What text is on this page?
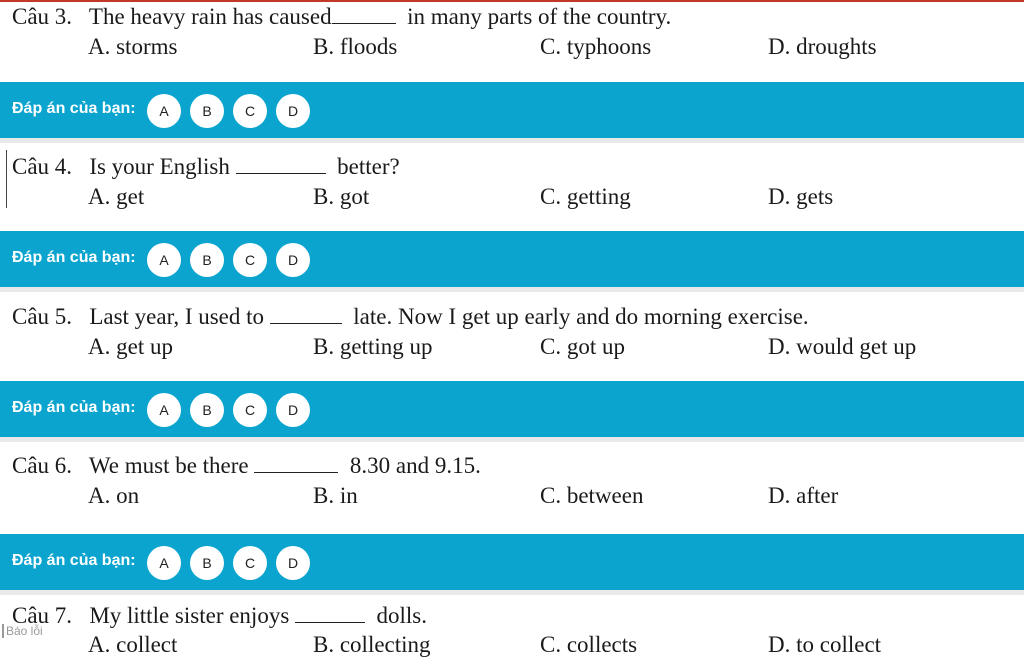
Câu 3. The heavy rain has caused	in many parts of the country.
A. storms	B. floods	C. typhoons	D. droughts
Đáp án của bạn:	A	B	C	D
Câu 4. Is your English	better?
A. get	B. got	C. getting	D. gets
Đáp án của bạn:	A	B	C	D
Câu 5. Last year, I used to	late. Now I get up early and do morning exercise.
A. get up	B. getting up	C. got up	D. would get up
Đáp án của bạn:	A	B	C	D
Câu 6. We must be there	8.30 and 9.15.
A. on	B. in	C. between	D. after
Đáp án của bạn:	A	B	C	D
Câu 7. My little sister enjoys	dolls.
A. collect	B. collecting	C. collects	D. to collect
Báo lỗi
